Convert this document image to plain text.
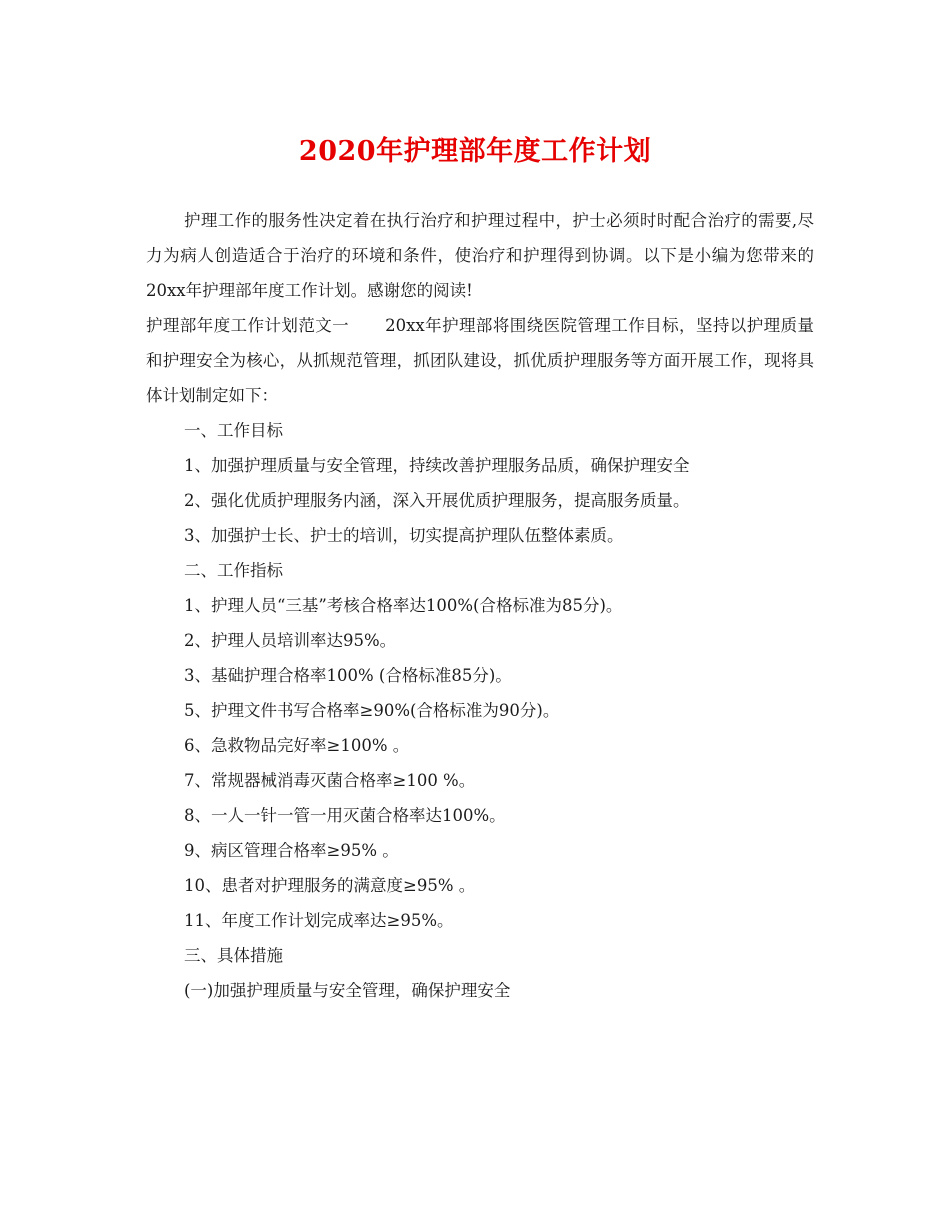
2020年护理部年度工作计划

护理工作的服务性决定着在执行治疗和护理过程中，护士必须时时配合治疗的需要,尽力为病人创造适合于治疗的环境和条件，使治疗和护理得到协调。以下是小编为您带来的20xx年护理部年度工作计划。感谢您的阅读!

护理部年度工作计划范文一 20xx年护理部将围绕医院管理工作目标，坚持以护理质量和护理安全为核心，从抓规范管理，抓团队建设，抓优质护理服务等方面开展工作，现将具体计划制定如下：

一、工作目标

1、加强护理质量与安全管理，持续改善护理服务品质，确保护理安全

2、强化优质护理服务内涵，深入开展优质护理服务，提高服务质量。

3、加强护士长、护士的培训，切实提高护理队伍整体素质。

二、工作指标

1、护理人员“三基”考核合格率达100%(合格标准为85分)。

2、护理人员培训率达95%。

3、基础护理合格率100% (合格标准85分)。

5、护理文件书写合格率≥90%(合格标准为90分)。

6、急救物品完好率≥100% 。

7、常规器械消毒灭菌合格率≥100 %。

8、一人一针一管一用灭菌合格率达100%。

9、病区管理合格率≥95% 。

10、患者对护理服务的满意度≥95% 。

11、年度工作计划完成率达≥95%。

三、具体措施

(一)加强护理质量与安全管理，确保护理安全
